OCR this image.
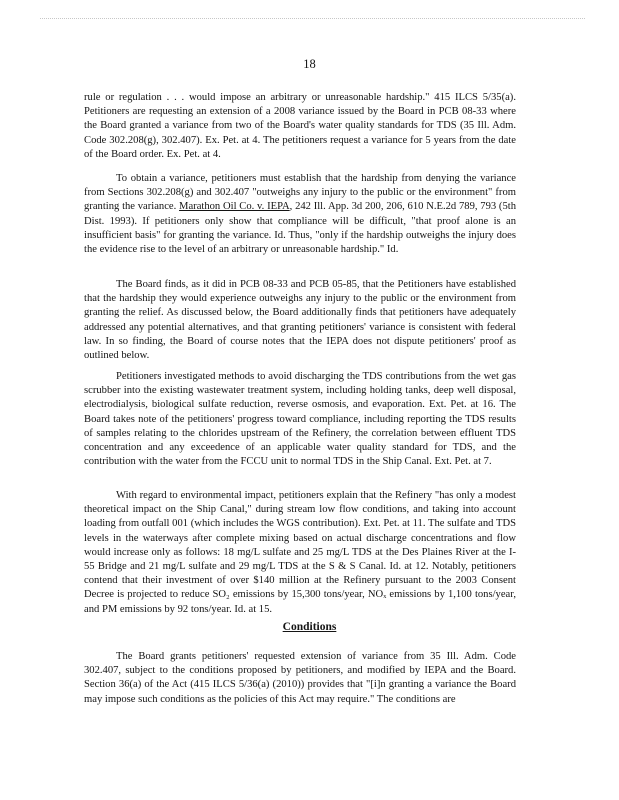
18

rule or regulation . . . would impose an arbitrary or unreasonable hardship." 415 ILCS 5/35(a). Petitioners are requesting an extension of a 2008 variance issued by the Board in PCB 08-33 where the Board granted a variance from two of the Board's water quality standards for TDS (35 Ill. Adm. Code 302.208(g), 302.407). Ex. Pet. at 4. The petitioners request a variance for 5 years from the date of the Board order. Ex. Pet. at 4.

To obtain a variance, petitioners must establish that the hardship from denying the variance from Sections 302.208(g) and 302.407 "outweighs any injury to the public or the environment" from granting the variance. Marathon Oil Co. v. IEPA, 242 Ill. App. 3d 200, 206, 610 N.E.2d 789, 793 (5th Dist. 1993). If petitioners only show that compliance will be difficult, "that proof alone is an insufficient basis" for granting the variance. Id. Thus, "only if the hardship outweighs the injury does the evidence rise to the level of an arbitrary or unreasonable hardship." Id.

The Board finds, as it did in PCB 08-33 and PCB 05-85, that the Petitioners have established that the hardship they would experience outweighs any injury to the public or the environment from granting the relief. As discussed below, the Board additionally finds that petitioners have adequately addressed any potential alternatives, and that granting petitioners' variance is consistent with federal law. In so finding, the Board of course notes that the IEPA does not dispute petitioners' proof as outlined below.

Petitioners investigated methods to avoid discharging the TDS contributions from the wet gas scrubber into the existing wastewater treatment system, including holding tanks, deep well disposal, electrodialysis, biological sulfate reduction, reverse osmosis, and evaporation. Ext. Pet. at 16. The Board takes note of the petitioners' progress toward compliance, including reporting the TDS results of samples relating to the chlorides upstream of the Refinery, the correlation between effluent TDS concentration and any exceedence of an applicable water quality standard for TDS, and the contribution with the water from the FCCU unit to normal TDS in the Ship Canal. Ext. Pet. at 7.

With regard to environmental impact, petitioners explain that the Refinery "has only a modest theoretical impact on the Ship Canal," during stream low flow conditions, and taking into account loading from outfall 001 (which includes the WGS contribution). Ext. Pet. at 11. The sulfate and TDS levels in the waterways after complete mixing based on actual discharge concentrations and flow would increase only as follows: 18 mg/L sulfate and 25 mg/L TDS at the Des Plaines River at the I-55 Bridge and 21 mg/L sulfate and 29 mg/L TDS at the S & S Canal. Id. at 12. Notably, petitioners contend that their investment of over $140 million at the Refinery pursuant to the 2003 Consent Decree is projected to reduce SO₂ emissions by 15,300 tons/year, NOₓ emissions by 1,100 tons/year, and PM emissions by 92 tons/year. Id. at 15.

Conditions

The Board grants petitioners' requested extension of variance from 35 Ill. Adm. Code 302.407, subject to the conditions proposed by petitioners, and modified by IEPA and the Board. Section 36(a) of the Act (415 ILCS 5/36(a) (2010)) provides that "[i]n granting a variance the Board may impose such conditions as the policies of this Act may require." The conditions are
